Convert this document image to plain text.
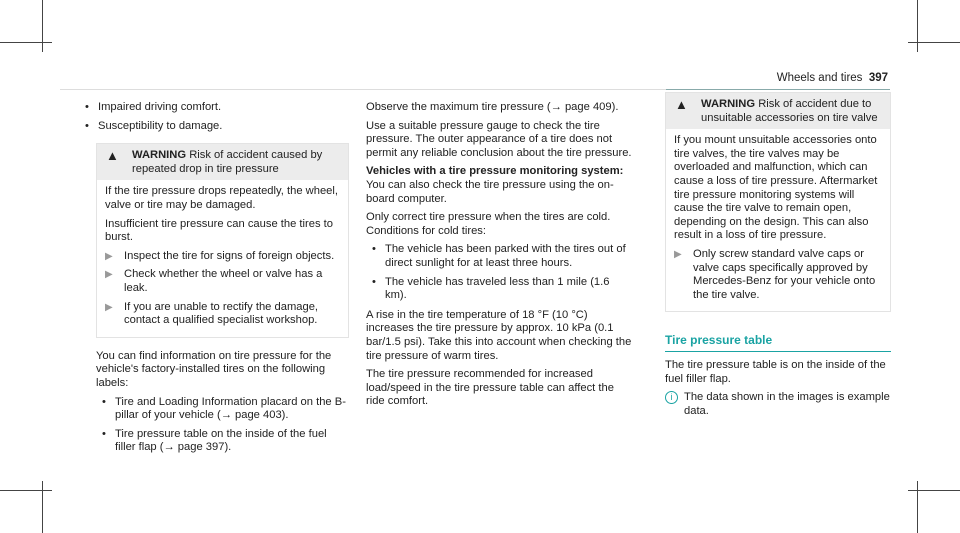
Wheels and tires 397
• Impaired driving comfort.
• Susceptibility to damage.
▲ WARNING Risk of accident caused by repeated drop in tire pressure

If the tire pressure drops repeatedly, the wheel, valve or tire may be damaged.

Insufficient tire pressure can cause the tires to burst.

▶ Inspect the tire for signs of foreign objects.
▶ Check whether the wheel or valve has a leak.
▶ If you are unable to rectify the damage, contact a qualified specialist workshop.

You can find information on tire pressure for the vehicle's factory-installed tires on the following labels:

• Tire and Loading Information placard on the B-pillar of your vehicle (→ page 403).
• Tire pressure table on the inside of the fuel filler flap (→ page 397).

Observe the maximum tire pressure (→ page 409).

Use a suitable pressure gauge to check the tire pressure. The outer appearance of a tire does not permit any reliable conclusion about the tire pressure.

Vehicles with a tire pressure monitoring system: You can also check the tire pressure using the on-board computer.

Only correct tire pressure when the tires are cold. Conditions for cold tires:

• The vehicle has been parked with the tires out of direct sunlight for at least three hours.
• The vehicle has traveled less than 1 mile (1.6 km).

A rise in the tire temperature of 18 °F (10 °C) increases the tire pressure by approx. 10 kPa (0.1 bar/1.5 psi). Take this into account when checking the tire pressure of warm tires.

The tire pressure recommended for increased load/speed in the tire pressure table can affect the ride comfort.

▲ WARNING Risk of accident due to unsuitable accessories on tire valve

If you mount unsuitable accessories onto tire valves, the tire valves may be overloaded and malfunction, which can cause a loss of tire pressure. Aftermarket tire pressure monitoring systems will cause the tire valve to remain open, depending on the design. This can also result in a loss of tire pressure.

▶ Only screw standard valve caps or valve caps specifically approved by Mercedes-Benz for your vehicle onto the tire valve.
Tire pressure table

The tire pressure table is on the inside of the fuel filler flap.

i	The data shown in the images is example data.
